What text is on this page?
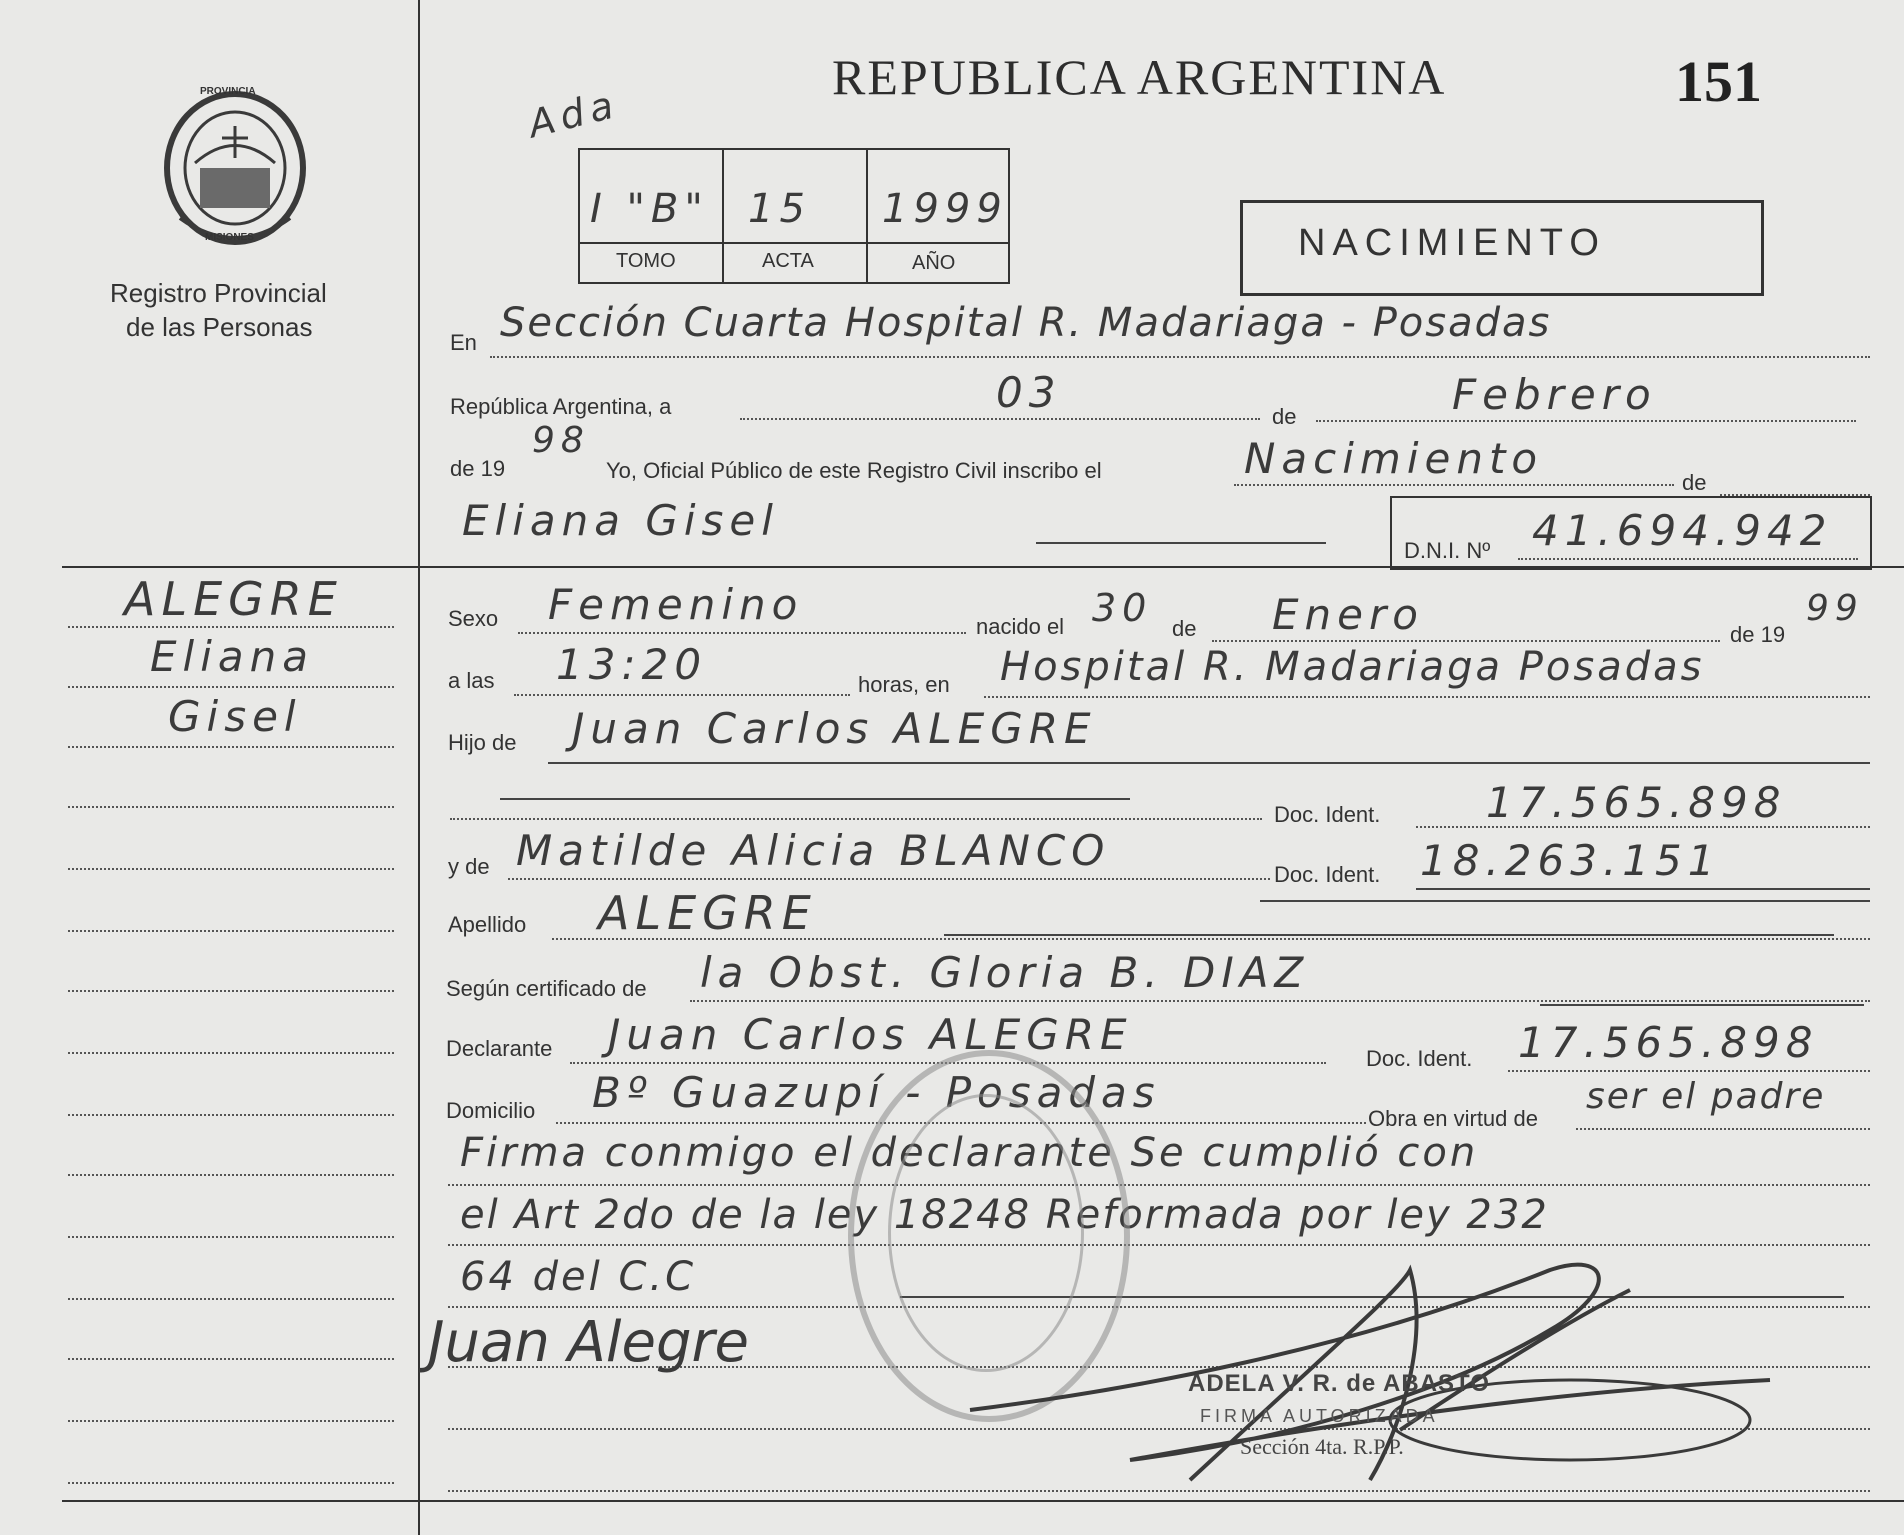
PROVINCIA
MISIONES
Registro Provincial
de las Personas
REPUBLICA ARGENTINA	151
Ada
I "B" 15 1999
TOMO	ACTA	AÑO	NACIMIENTO
En Sección Cuarta Hospital R. Madariaga - Posadas
República Argentina, a	03	de	Febrero
de 19
98
Yo, Oficial Público de este Registro Civil inscribo el	Nacimiento	de
Eliana Gisel
D.N.I. Nº 41.694.942
ALEGRE
Eliana
Gisel
Sexo Femenino	nacido el 30 de Enero	de 19
99
a las 13:20	horas, en Hospital R. Madariaga Posadas
Hijo de Juan Carlos ALEGRE
Doc. Ident.	17.565.898
y de Matilde Alicia BLANCO	Doc. Ident. 18.263.151
Apellido ALEGRE
Según certificado de la Obst. Gloria B. DIAZ
Declarante Juan Carlos ALEGRE	Doc. Ident. 17.565.898
Domicilio Bº Guazupí - Posadas
Obra en virtud de
ser el padre
Firma conmigo el declarante Se cumplió con
el Art 2do de la ley 18248 Reformada por ley 232
64 del C.C
Juan Alegre
ADELA V. R. de ABASTO
FIRMA AUTORIZADA
Sección 4ta. R.P.P.
